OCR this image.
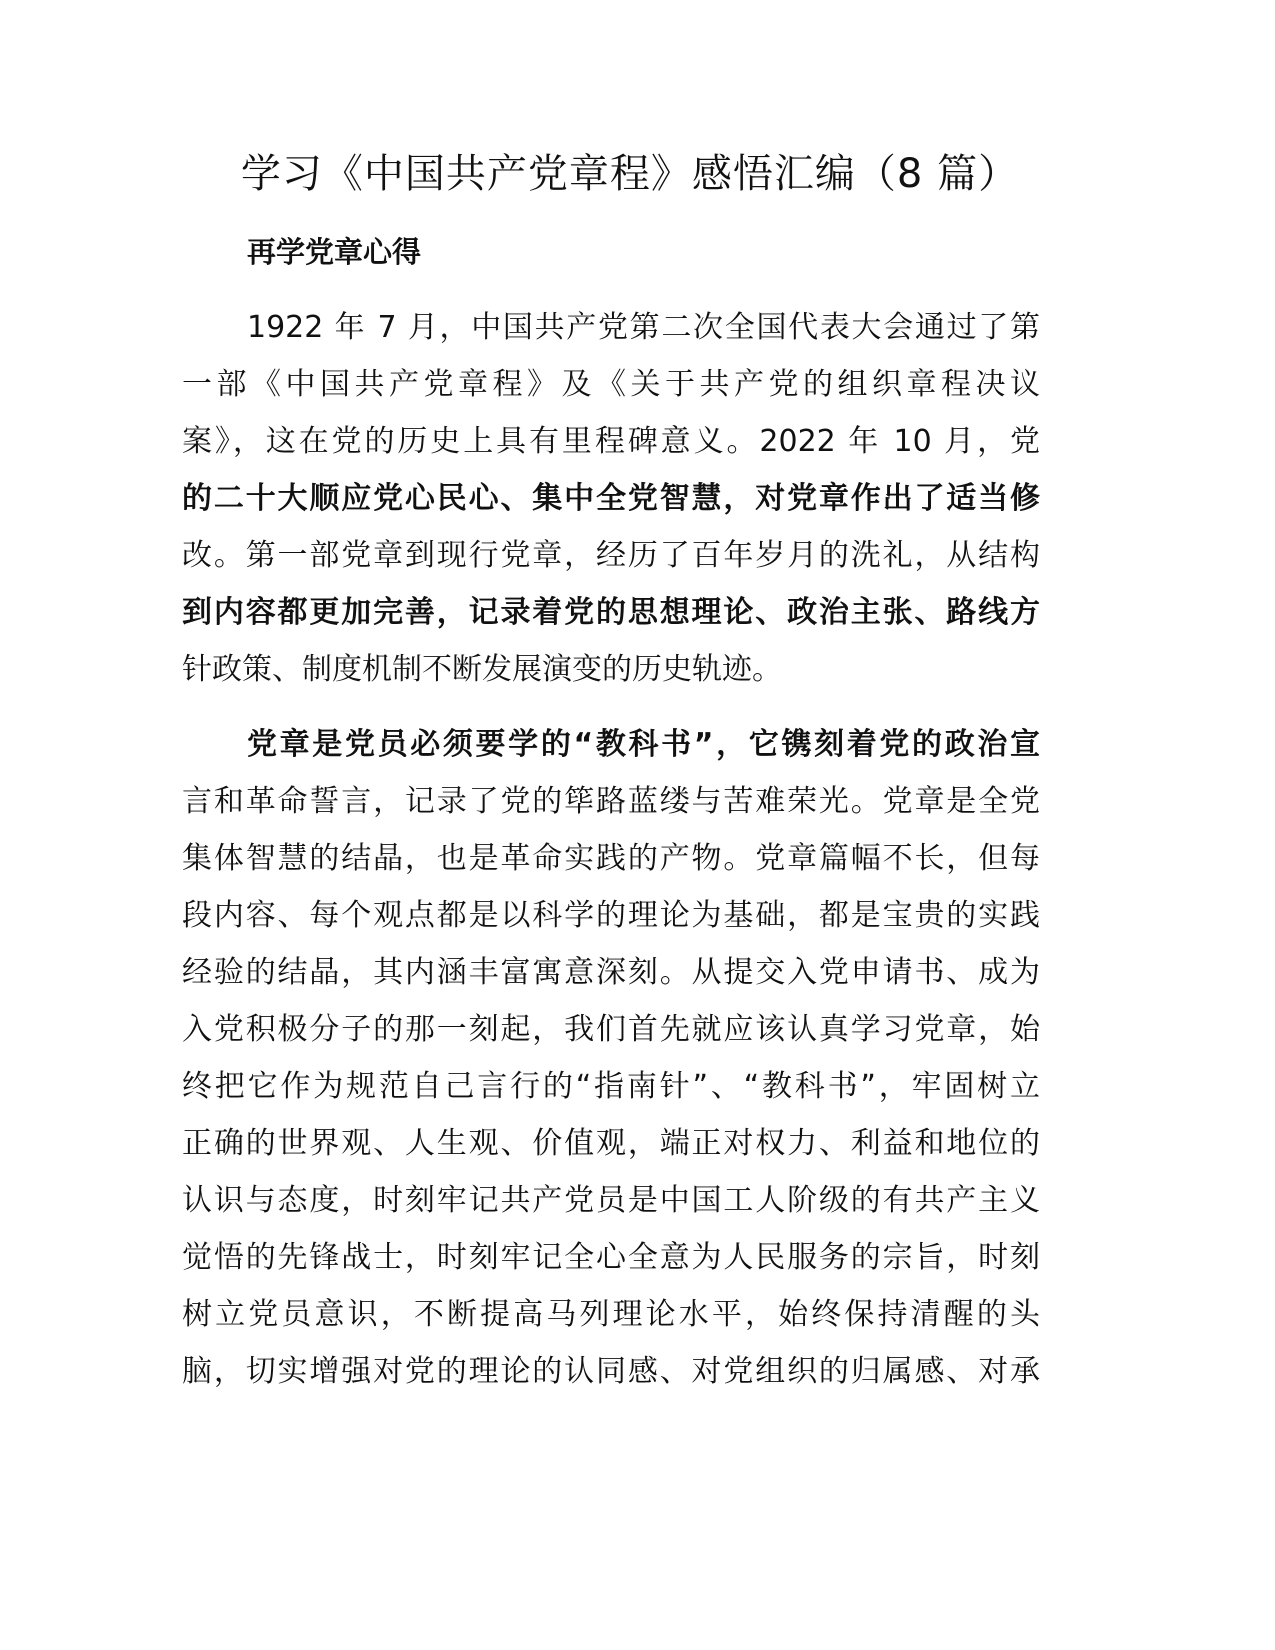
学习《中国共产党章程》感悟汇编（8 篇）
再学党章心得
1922 年 7 月，中国共产党第二次全国代表大会通过了第
一部《中国共产党章程》及《关于共产党的组织章程决议
案》，这在党的历史上具有里程碑意义。2022 年 10 月，党
的二十大顺应党心民心、集中全党智慧，对党章作出了适当修
改。第一部党章到现行党章，经历了百年岁月的洗礼，从结构
到内容都更加完善，记录着党的思想理论、政治主张、路线方
针政策、制度机制不断发展演变的历史轨迹。
党章是党员必须要学的“教科书”，它镌刻着党的政治宣
言和革命誓言，记录了党的筚路蓝缕与苦难荣光。党章是全党
集体智慧的结晶，也是革命实践的产物。党章篇幅不长，但每
段内容、每个观点都是以科学的理论为基础，都是宝贵的实践
经验的结晶，其内涵丰富寓意深刻。从提交入党申请书、成为
入党积极分子的那一刻起，我们首先就应该认真学习党章，始
终把它作为规范自己言行的“指南针”、“教科书”，牢固树立
正确的世界观、人生观、价值观，端正对权力、利益和地位的
认识与态度，时刻牢记共产党员是中国工人阶级的有共产主义
觉悟的先锋战士，时刻牢记全心全意为人民服务的宗旨，时刻
树立党员意识，不断提高马列理论水平，始终保持清醒的头
脑，切实增强对党的理论的认同感、对党组织的归属感、对承
